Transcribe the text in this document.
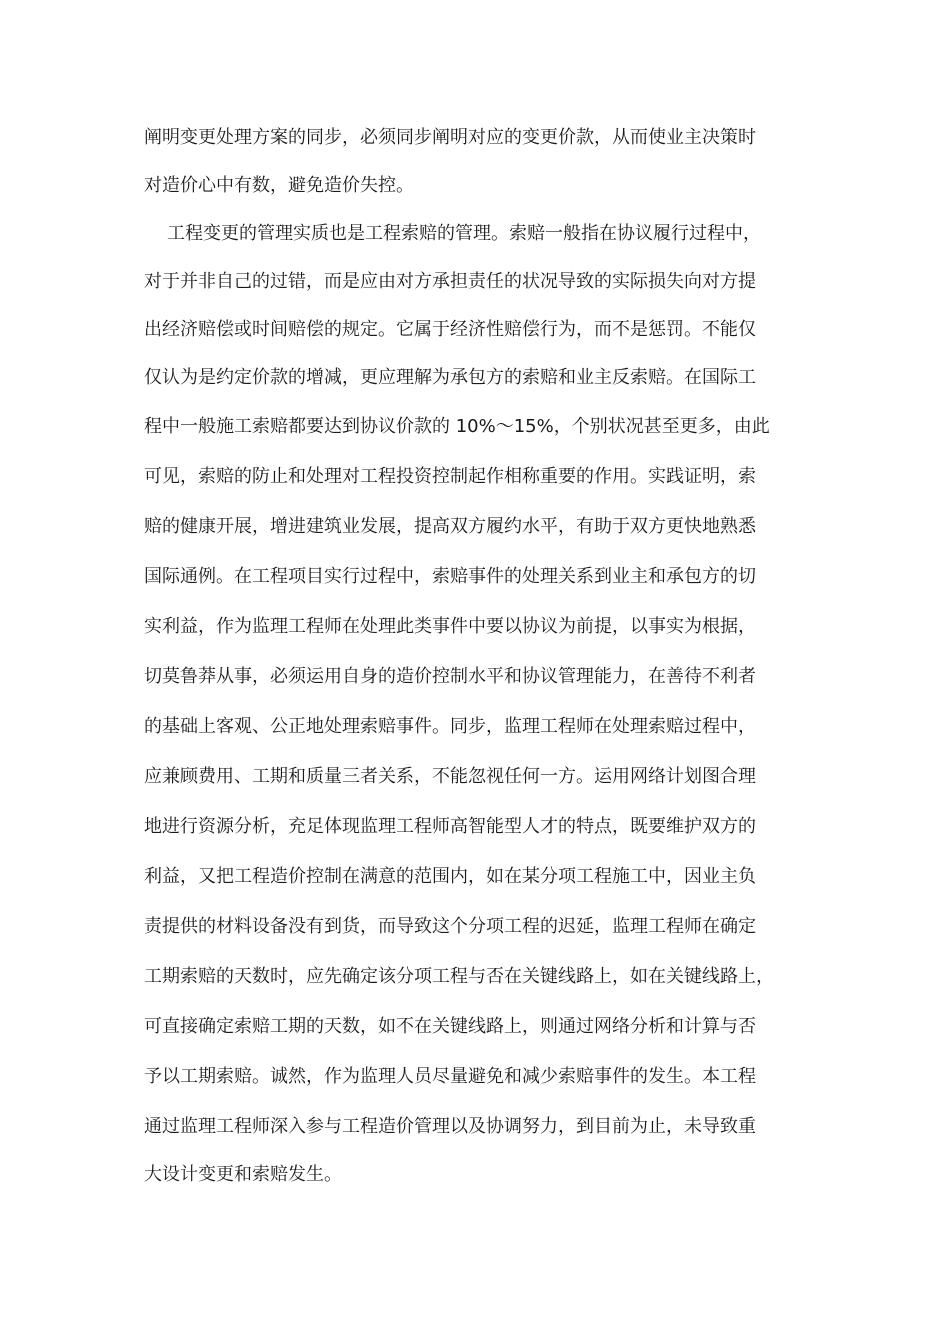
阐明变更处理方案的同步，必须同步阐明对应的变更价款，从而使业主决策时
对造价心中有数，避免造价失控。
工程变更的管理实质也是工程索赔的管理。索赔一般指在协议履行过程中，
对于并非自己的过错，而是应由对方承担责任的状况导致的实际损失向对方提
出经济赔偿或时间赔偿的规定。它属于经济性赔偿行为，而不是惩罚。不能仅
仅认为是约定价款的增减，更应理解为承包方的索赔和业主反索赔。在国际工
程中一般施工索赔都要达到协议价款的 10%～15%，个别状况甚至更多，由此
可见，索赔的防止和处理对工程投资控制起作相称重要的作用。实践证明，索
赔的健康开展，增进建筑业发展，提高双方履约水平，有助于双方更快地熟悉
国际通例。在工程项目实行过程中，索赔事件的处理关系到业主和承包方的切
实利益，作为监理工程师在处理此类事件中要以协议为前提，以事实为根据，
切莫鲁莽从事，必须运用自身的造价控制水平和协议管理能力，在善待不利者
的基础上客观、公正地处理索赔事件。同步，监理工程师在处理索赔过程中，
应兼顾费用、工期和质量三者关系，不能忽视任何一方。运用网络计划图合理
地进行资源分析，充足体现监理工程师高智能型人才的特点，既要维护双方的
利益，又把工程造价控制在满意的范围内，如在某分项工程施工中，因业主负
责提供的材料设备没有到货，而导致这个分项工程的迟延，监理工程师在确定
工期索赔的天数时，应先确定该分项工程与否在关键线路上，如在关键线路上，
可直接确定索赔工期的天数，如不在关键线路上，则通过网络分析和计算与否
予以工期索赔。诚然，作为监理人员尽量避免和减少索赔事件的发生。本工程
通过监理工程师深入参与工程造价管理以及协调努力，到目前为止，未导致重
大设计变更和索赔发生。
